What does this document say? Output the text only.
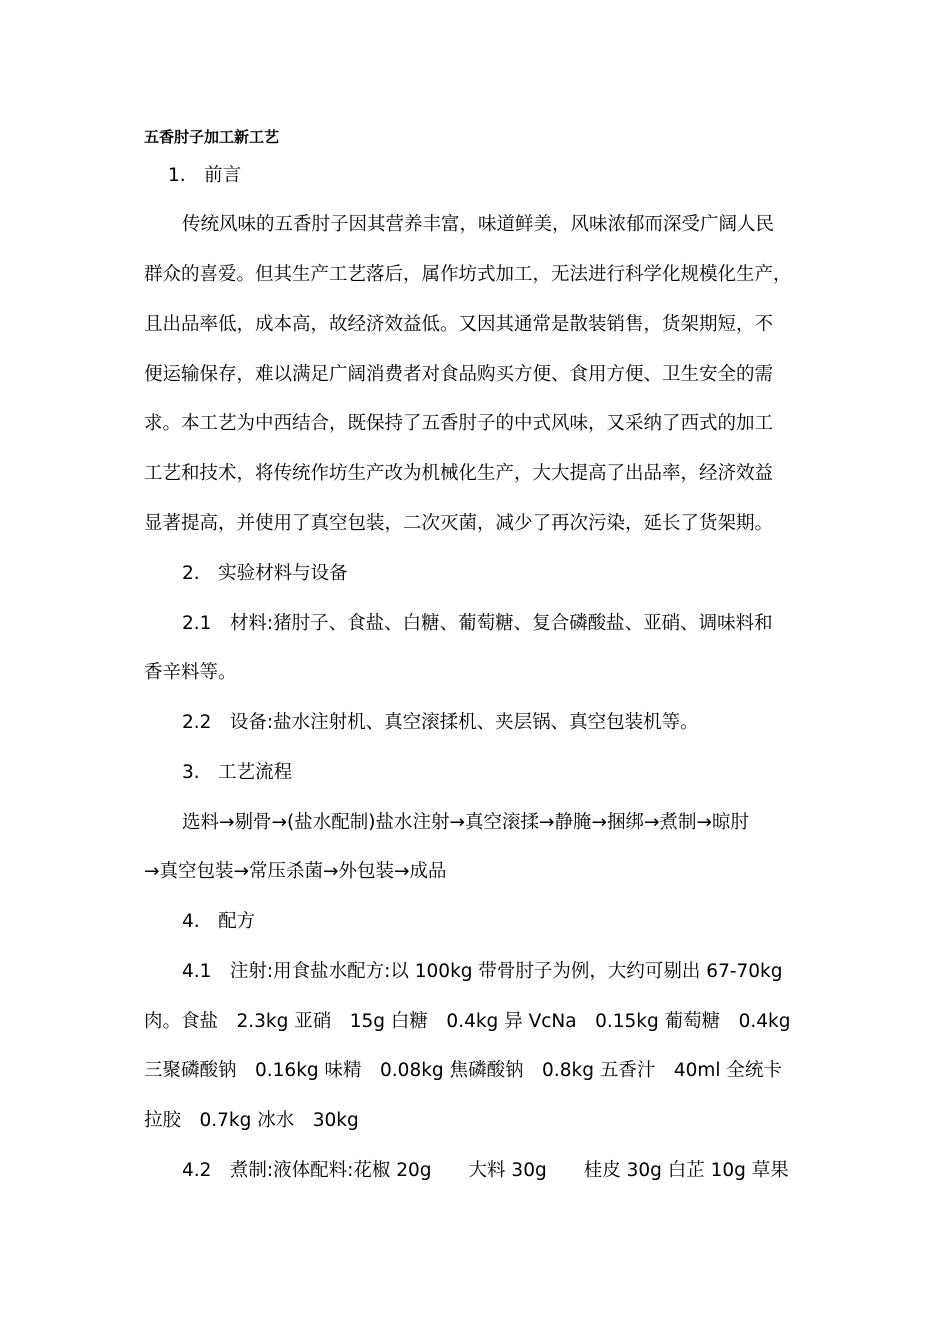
五香肘子加工新工艺
1.　前言
传统风味的五香肘子因其营养丰富，味道鲜美，风味浓郁而深受广阔人民
群众的喜爱。但其生产工艺落后，属作坊式加工，无法进行科学化规模化生产，
且出品率低，成本高，故经济效益低。又因其通常是散装销售，货架期短，不
便运输保存，难以满足广阔消费者对食品购买方便、食用方便、卫生安全的需
求。本工艺为中西结合，既保持了五香肘子的中式风味，又采纳了西式的加工
工艺和技术，将传统作坊生产改为机械化生产，大大提高了出品率，经济效益
显著提高，并使用了真空包装，二次灭菌，减少了再次污染，延长了货架期。
2.　实验材料与设备
2.1　材料:猪肘子、食盐、白糖、葡萄糖、复合磷酸盐、亚硝、调味料和
香辛料等。
2.2　设备:盐水注射机、真空滚揉机、夹层锅、真空包装机等。
3.　工艺流程
选料→剔骨→(盐水配制)盐水注射→真空滚揉→静腌→捆绑→煮制→晾肘
→真空包装→常压杀菌→外包装→成品
4.　配方
4.1　注射:用食盐水配方:以 100kg 带骨肘子为例，大约可剔出 67-70kg
肉。食盐　2.3kg 亚硝　15g 白糖　0.4kg 异 VcNa　0.15kg 葡萄糖　0.4kg
三聚磷酸钠　0.16kg 味精　0.08kg 焦磷酸钠　0.8kg 五香汁　40ml 全统卡
拉胶　0.7kg 冰水　30kg
4.2　煮制:液体配料:花椒 20g　　大料 30g　　桂皮 30g 白芷 10g 草果
